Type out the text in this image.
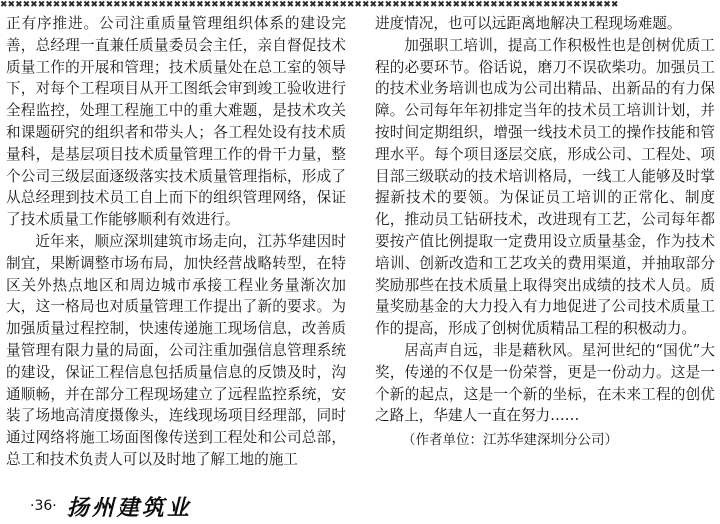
✖✖✖✖✖✖✖✖✖✖✖✖✖✖✖✖✖✖✖✖✖✖✖✖✖✖✖✖✖✖✖✖✖✖✖✖✖✖✖✖✖✖✖✖✖✖✖✖✖✖✖✖✖✖✖✖✖✖✖✖✖✖✖✖✖✖✖✖✖✖✖✖✖✖✖✖✖✖✖✖✖✖

正有序推进。公司注重质量管理组织体系的建设完善，总经理一直兼任质量委员会主任，亲自督促技术质量工作的开展和管理；技术质量处在总工室的领导下，对每个工程项目从开工图纸会审到竣工验收进行全程监控，处理工程施工中的重大难题，是技术攻关和课题研究的组织者和带头人；各工程处设有技术质量科，是基层项目技术质量管理工作的骨干力量，整个公司三级层面逐级落实技术质量管理指标，形成了从总经理到技术员工自上而下的组织管理网络，保证了技术质量工作能够顺利有效进行。

近年来，顺应深圳建筑市场走向，江苏华建因时制宜，果断调整市场布局，加快经营战略转型，在特区关外热点地区和周边城市承接工程业务量渐次加大，这一格局也对质量管理工作提出了新的要求。为加强质量过程控制，快速传递施工现场信息，改善质量管理有限力量的局面，公司注重加强信息管理系统的建设，保证工程信息包括质量信息的反馈及时，沟通顺畅，并在部分工程现场建立了远程监控系统，安装了场地高清度摄像头，连线现场项目经理部，同时通过网络将施工场面图像传送到工程处和公司总部，总工和技术负责人可以及时地了解工地的施工

进度情况，也可以远距离地解决工程现场难题。

加强职工培训，提高工作积极性也是创树优质工程的必要环节。俗话说，磨刀不误砍柴功。加强员工的技术业务培训也成为公司出精品、出新品的有力保障。公司每年年初排定当年的技术员工培训计划，并按时间定期组织，增强一线技术员工的操作技能和管理水平。每个项目逐层交底，形成公司、工程处、项目部三级联动的技术培训格局，一线工人能够及时掌握新技术的要领。为保证员工培训的正常化、制度化，推动员工钻研技术，改进现有工艺，公司每年都要按产值比例提取一定费用设立质量基金，作为技术培训、创新改造和工艺攻关的费用渠道，并抽取部分奖励那些在技术质量上取得突出成绩的技术人员。质量奖励基金的大力投入有力地促进了公司技术质量工作的提高，形成了创树优质精品工程的积极动力。

居高声自远，非是藉秋风。星河世纪的“国优”大奖，传递的不仅是一份荣誉，更是一份动力。这是一个新的起点，这是一个新的坐标，在未来工程的创优之路上，华建人一直在努力……

（作者单位：江苏华建深圳分公司）

·36· 扬州建筑业
